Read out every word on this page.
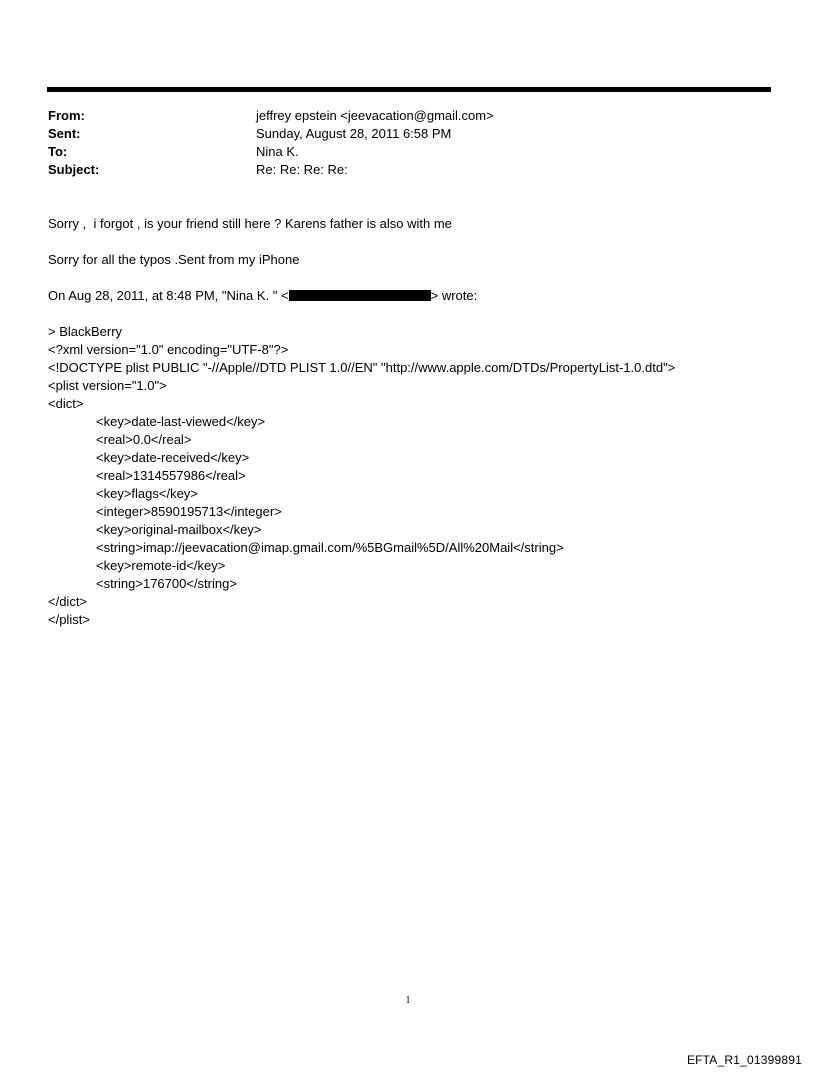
From:	jeffrey epstein <jeevacation@gmail.com>
Sent:	Sunday, August 28, 2011 6:58 PM
To:	Nina K.
Subject:	Re: Re: Re: Re:
Sorry ,  i forgot , is your friend still here ? Karens father is also with me
Sorry for all the typos .Sent from my iPhone
On Aug 28, 2011, at 8:48 PM, "Nina K. " <	> wrote:
> BlackBerry
<?xml version="1.0" encoding="UTF-8"?>
<!DOCTYPE plist PUBLIC "-//Apple//DTD PLIST 1.0//EN" "http://www.apple.com/DTDs/PropertyList-1.0.dtd">
<plist version="1.0">
<dict>
<key>date-last-viewed</key>
<real>0.0</real>
<key>date-received</key>
<real>1314557986</real>
<key>flags</key>
<integer>8590195713</integer>
<key>original-mailbox</key>
<string>imap://jeevacation@imap.gmail.com/%5BGmail%5D/All%20Mail</string>
<key>remote-id</key>
<string>176700</string>
</dict>
</plist>
1
EFTA_R1_01399891
